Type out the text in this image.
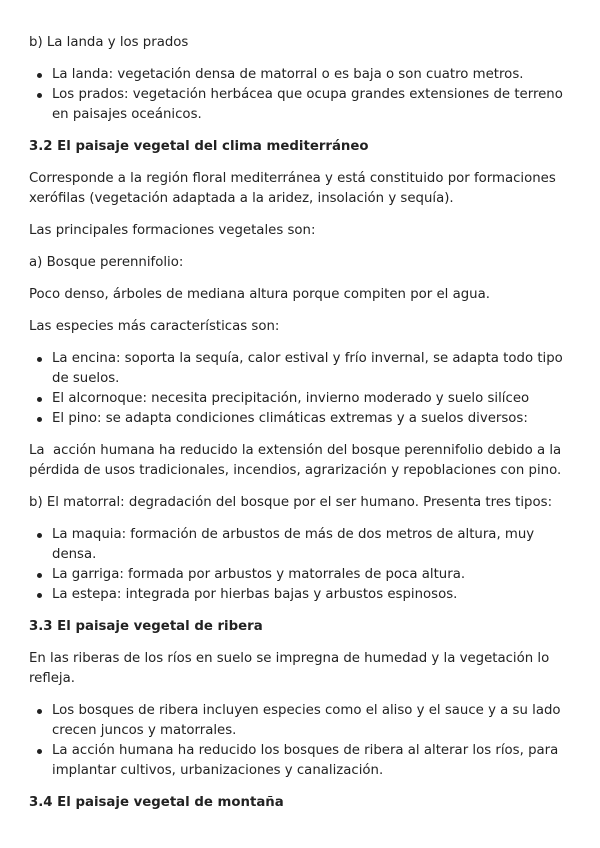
b) La landa y los prados

La landa: vegetación densa de matorral o es baja o son cuatro metros.
Los prados: vegetación herbácea que ocupa grandes extensiones de terreno en paisajes oceánicos.
3.2 El paisaje vegetal del clima mediterráneo

Corresponde a la región floral mediterránea y está constituido por formaciones xerófilas (vegetación adaptada a la aridez, insolación y sequía).

Las principales formaciones vegetales son:

a) Bosque perennifolio:

Poco denso, árboles de mediana altura porque compiten por el agua.

Las especies más características son:

La encina: soporta la sequía, calor estival y frío invernal, se adapta todo tipo de suelos.
El alcornoque: necesita precipitación, invierno moderado y suelo silíceo
El pino: se adapta condiciones climáticas extremas y a suelos diversos:

La  acción humana ha reducido la extensión del bosque perennifolio debido a la pérdida de usos tradicionales, incendios, agrarización y repoblaciones con pino.

b) El matorral: degradación del bosque por el ser humano. Presenta tres tipos:

La maquia: formación de arbustos de más de dos metros de altura, muy densa.
La garriga: formada por arbustos y matorrales de poca altura.
La estepa: integrada por hierbas bajas y arbustos espinosos.
3.3 El paisaje vegetal de ribera

En las riberas de los ríos en suelo se impregna de humedad y la vegetación lo refleja.

Los bosques de ribera incluyen especies como el aliso y el sauce y a su lado crecen juncos y matorrales.
La acción humana ha reducido los bosques de ribera al alterar los ríos, para implantar cultivos, urbanizaciones y canalización.
3.4 El paisaje vegetal de montaña
